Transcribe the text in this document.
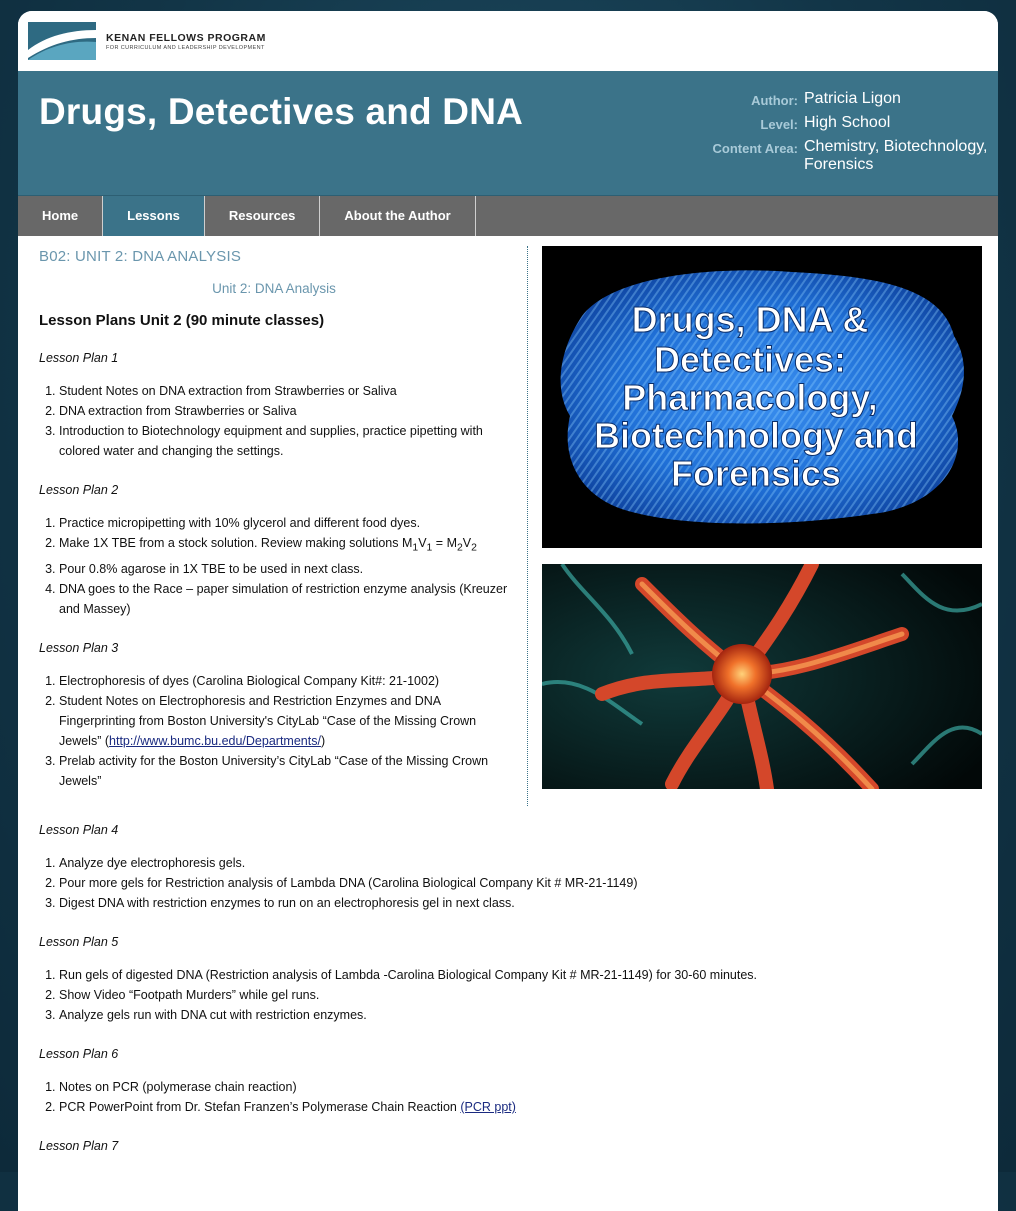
KENAN FELLOWS PROGRAM
FOR CURRICULUM AND LEADERSHIP DEVELOPMENT
Drugs, Detectives and DNA	Author: Patricia Ligon
Level: High School
Content Area: Chemistry, Biotechnology, Forensics
Home	Lessons	Resources	About the Author
B02: UNIT 2: DNA ANALYSIS
Unit 2: DNA Analysis
Lesson Plans Unit 2 (90 minute classes)
Lesson Plan 1
1. Student Notes on DNA extraction from Strawberries or Saliva
2. DNA extraction from Strawberries or Saliva
3. Introduction to Biotechnology equipment and supplies, practice pipetting with colored water and changing the settings.
Lesson Plan 2
1. Practice micropipetting with 10% glycerol and different food dyes.
2. Make 1X TBE from a stock solution. Review making solutions $M_1V_1 = M_2V_2$
3. Pour 0.8% agarose in 1X TBE to be used in next class.
4. DNA goes to the Race – paper simulation of restriction enzyme analysis (Kreuzer and Massey)
Lesson Plan 3
1. Electrophoresis of dyes (Carolina Biological Company Kit#: 21-1002)
2. Student Notes on Electrophoresis and Restriction Enzymes and DNA Fingerprinting from Boston University's CityLab “Case of the Missing Crown Jewels” (http://www.bumc.bu.edu/Departments/)
3. Prelab activity for the Boston University’s CityLab “Case of the Missing Crown Jewels”
Drugs, DNA &
Detectives:
Pharmacology,
Biotechnology and
Forensics
Lesson Plan 4
1. Analyze dye electrophoresis gels.
2. Pour more gels for Restriction analysis of Lambda DNA (Carolina Biological Company Kit # MR-21-1149)
3. Digest DNA with restriction enzymes to run on an electrophoresis gel in next class.
Lesson Plan 5
1. Run gels of digested DNA (Restriction analysis of Lambda -Carolina Biological Company Kit # MR-21-1149) for 30-60 minutes.
2. Show Video “Footpath Murders” while gel runs.
3. Analyze gels run with DNA cut with restriction enzymes.
Lesson Plan 6
1. Notes on PCR (polymerase chain reaction)
2. PCR PowerPoint from Dr. Stefan Franzen’s Polymerase Chain Reaction (PCR ppt)
Lesson Plan 7
